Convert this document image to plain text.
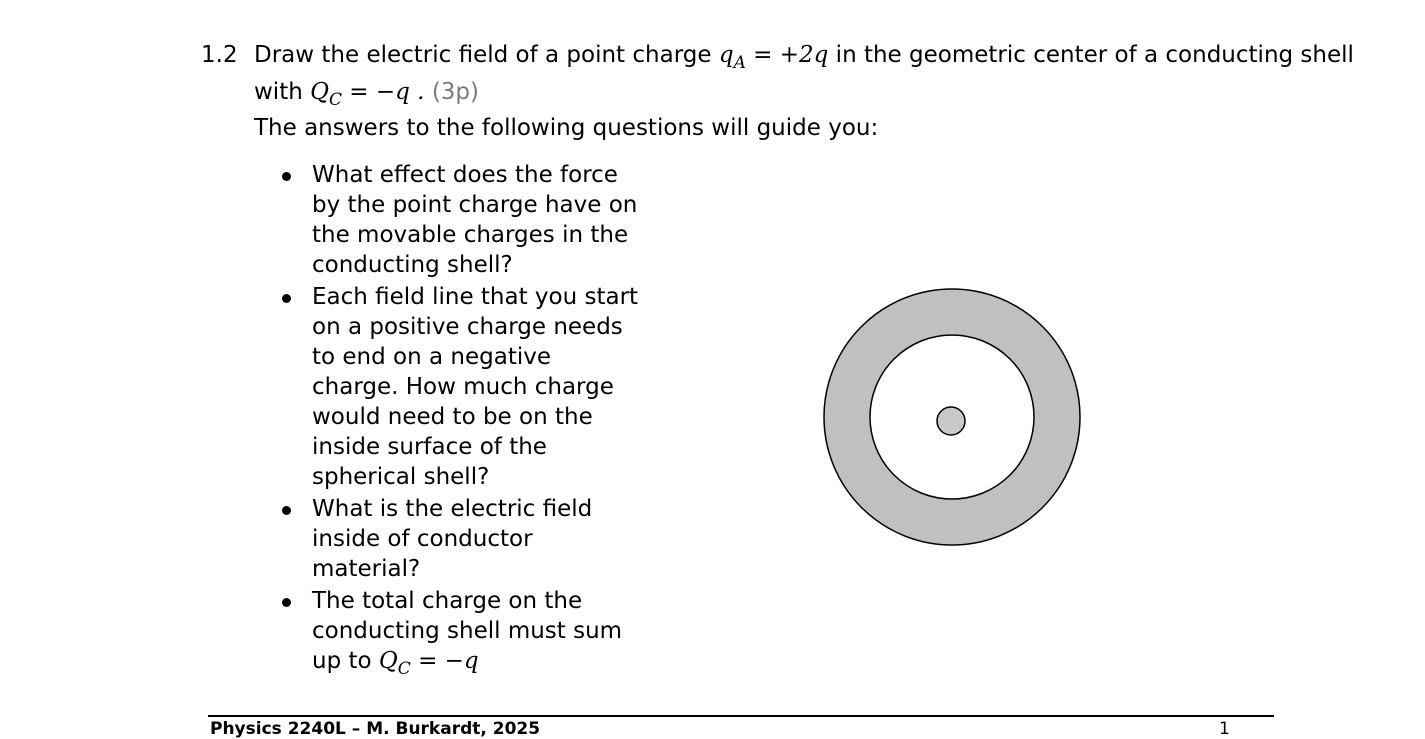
1.2 Draw the electric field of a point charge $q_A = +2q$ in the geometric center of a conducting shell
with $Q_C = -q$ . (3p)
The answers to the following questions will guide you:
What effect does the force by the point charge have on the movable charges in the conducting shell?
Each field line that you start on a positive charge needs to end on a negative charge. How much charge would need to be on the inside surface of the spherical shell?
What is the electric field inside of conductor material?
The total charge on the conducting shell must sum up to $Q_C = -q$
Physics 2240L – M. Burkardt, 2025	1
